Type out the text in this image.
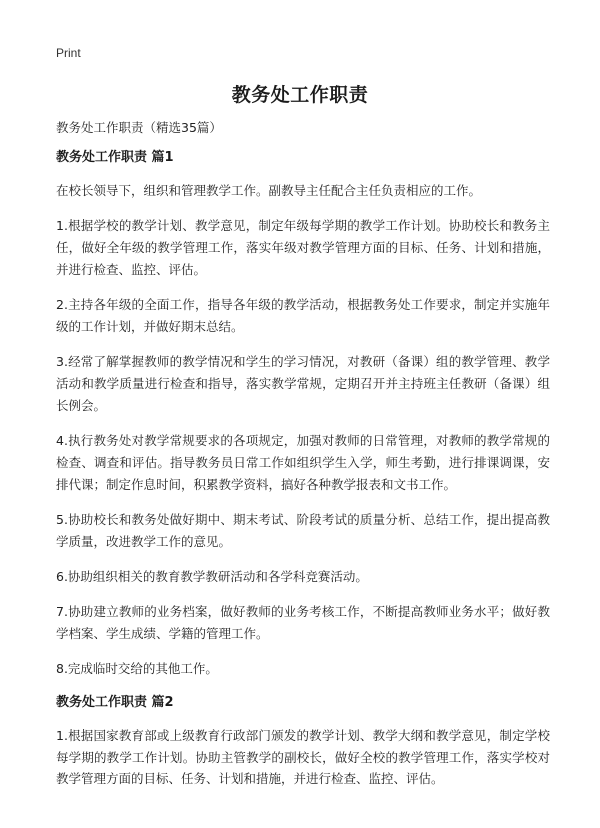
Print
教务处工作职责
教务处工作职责（精选35篇）
教务处工作职责 篇1
在校长领导下，组织和管理教学工作。副教导主任配合主任负责相应的工作。
1.根据学校的教学计划、教学意见，制定年级每学期的教学工作计划。协助校长和教务主任，做好全年级的教学管理工作，落实年级对教学管理方面的目标、任务、计划和措施，并进行检查、监控、评估。
2.主持各年级的全面工作，指导各年级的教学活动，根据教务处工作要求，制定并实施年级的工作计划，并做好期末总结。
3.经常了解掌握教师的教学情况和学生的学习情况，对教研（备课）组的教学管理、教学活动和教学质量进行检查和指导，落实教学常规，定期召开并主持班主任教研（备课）组长例会。
4.执行教务处对教学常规要求的各项规定，加强对教师的日常管理，对教师的教学常规的检查、调查和评估。指导教务员日常工作如组织学生入学，师生考勤，进行排课调课，安排代课；制定作息时间，积累教学资料，搞好各种教学报表和文书工作。
5.协助校长和教务处做好期中、期末考试、阶段考试的质量分析、总结工作，提出提高教学质量，改进教学工作的意见。
6.协助组织相关的教育教学教研活动和各学科竞赛活动。
7.协助建立教师的业务档案，做好教师的业务考核工作，不断提高教师业务水平；做好教学档案、学生成绩、学籍的管理工作。
8.完成临时交给的其他工作。
教务处工作职责 篇2
1.根据国家教育部或上级教育行政部门颁发的教学计划、教学大纲和教学意见，制定学校每学期的教学工作计划。协助主管教学的副校长，做好全校的教学管理工作，落实学校对教学管理方面的目标、任务、计划和措施，并进行检查、监控、评估。
